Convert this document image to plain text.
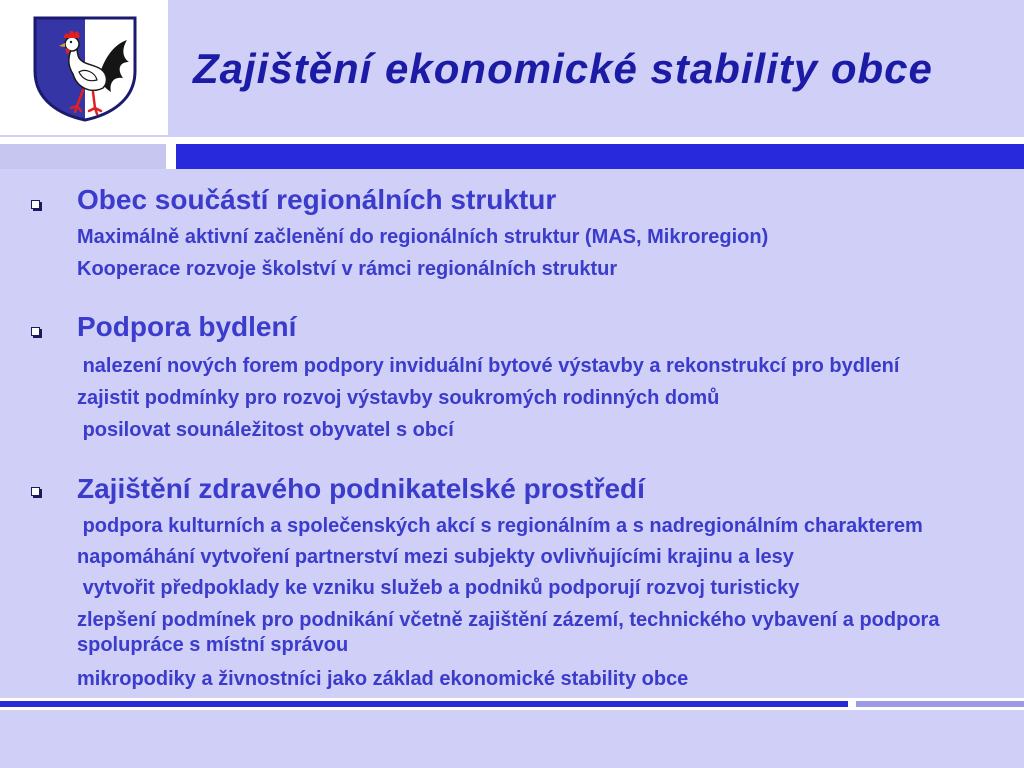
Zajištění ekonomické stability obce

Obec součástí regionálních struktur

Maximálně aktivní začlenění do regionálních struktur (MAS, Mikroregion)

Kooperace rozvoje školství v rámci regionálních struktur

Podpora bydlení

nalezení nových forem podpory inviduální bytové výstavby a rekonstrukcí pro bydlení

zajistit podmínky pro rozvoj výstavby soukromých rodinných domů

posilovat sounáležitost obyvatel s obcí

Zajištění zdravého podnikatelské prostředí

podpora kulturních a společenských akcí s regionálním a s nadregionálním charakterem

napomáhání vytvoření partnerství mezi subjekty ovlivňujícími krajinu a lesy

vytvořit předpoklady ke vzniku služeb a podniků podporují rozvoj turisticky

zlepšení podmínek pro podnikání včetně zajištění zázemí, technického vybavení a podpora spolupráce s místní správou

mikropodiky a živnostníci jako základ ekonomické stability obce
